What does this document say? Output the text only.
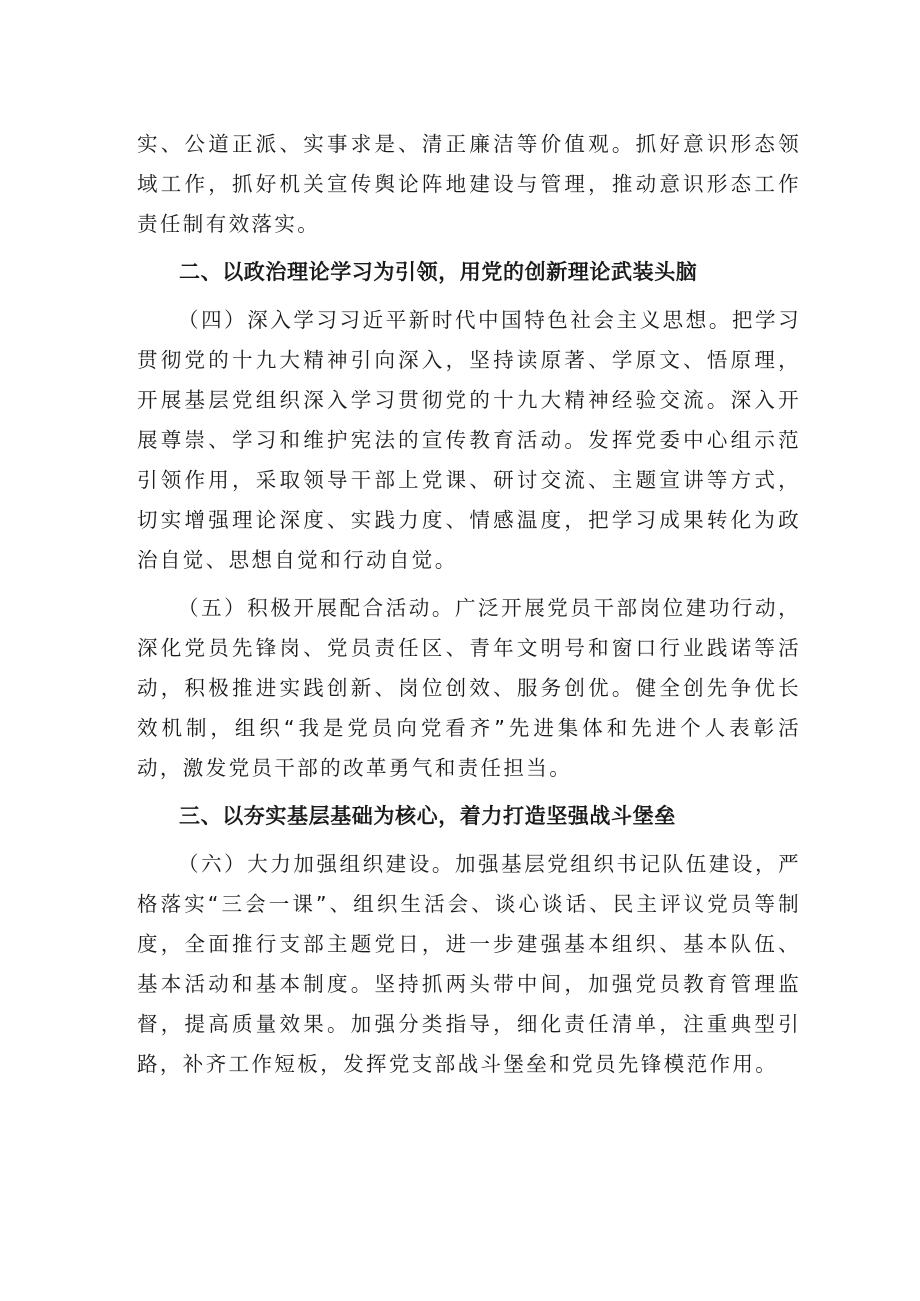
实、公道正派、实事求是、清正廉洁等价值观。抓好意识形态领域工作，抓好机关宣传舆论阵地建设与管理，推动意识形态工作责任制有效落实。

二、以政治理论学习为引领，用党的创新理论武装头脑

（四）深入学习习近平新时代中国特色社会主义思想。把学习贯彻党的十九大精神引向深入，坚持读原著、学原文、悟原理，开展基层党组织深入学习贯彻党的十九大精神经验交流。深入开展尊崇、学习和维护宪法的宣传教育活动。发挥党委中心组示范引领作用，采取领导干部上党课、研讨交流、主题宣讲等方式，切实增强理论深度、实践力度、情感温度，把学习成果转化为政治自觉、思想自觉和行动自觉。

（五）积极开展配合活动。广泛开展党员干部岗位建功行动，深化党员先锋岗、党员责任区、青年文明号和窗口行业践诺等活动，积极推进实践创新、岗位创效、服务创优。健全创先争优长效机制，组织“我是党员向党看齐”先进集体和先进个人表彰活动，激发党员干部的改革勇气和责任担当。

三、以夯实基层基础为核心，着力打造坚强战斗堡垒

（六）大力加强组织建设。加强基层党组织书记队伍建设，严格落实“三会一课”、组织生活会、谈心谈话、民主评议党员等制度，全面推行支部主题党日，进一步建强基本组织、基本队伍、基本活动和基本制度。坚持抓两头带中间，加强党员教育管理监督，提高质量效果。加强分类指导，细化责任清单，注重典型引路，补齐工作短板，发挥党支部战斗堡垒和党员先锋模范作用。
